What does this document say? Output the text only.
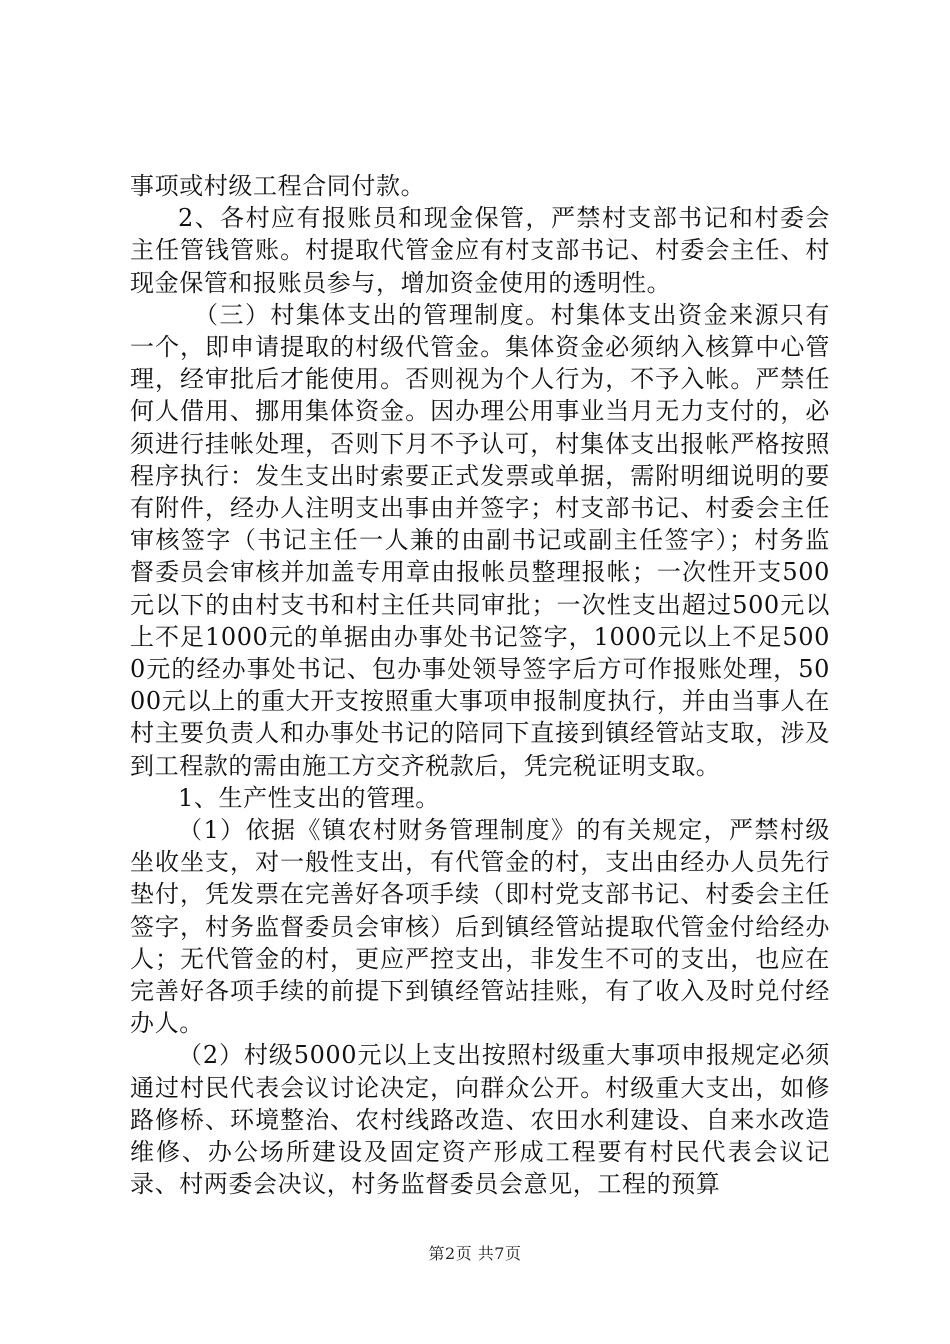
事项或村级工程合同付款。

2、各村应有报账员和现金保管，严禁村支部书记和村委会主任管钱管账。村提取代管金应有村支部书记、村委会主任、村现金保管和报账员参与，增加资金使用的透明性。

（三）村集体支出的管理制度。村集体支出资金来源只有一个，即申请提取的村级代管金。集体资金必须纳入核算中心管理，经审批后才能使用。否则视为个人行为，不予入帐。严禁任何人借用、挪用集体资金。因办理公用事业当月无力支付的，必须进行挂帐处理，否则下月不予认可，村集体支出报帐严格按照程序执行：发生支出时索要正式发票或单据，需附明细说明的要有附件，经办人注明支出事由并签字；村支部书记、村委会主任审核签字（书记主任一人兼的由副书记或副主任签字）；村务监督委员会审核并加盖专用章由报帐员整理报帐；一次性开支500元以下的由村支书和村主任共同审批；一次性支出超过500元以上不足1000元的单据由办事处书记签字，1000元以上不足5000元的经办事处书记、包办事处领导签字后方可作报账处理，5000元以上的重大开支按照重大事项申报制度执行，并由当事人在村主要负责人和办事处书记的陪同下直接到镇经管站支取，涉及到工程款的需由施工方交齐税款后，凭完税证明支取。

1、生产性支出的管理。

（1）依据《镇农村财务管理制度》的有关规定，严禁村级坐收坐支，对一般性支出，有代管金的村，支出由经办人员先行垫付，凭发票在完善好各项手续（即村党支部书记、村委会主任签字，村务监督委员会审核）后到镇经管站提取代管金付给经办人；无代管金的村，更应严控支出，非发生不可的支出，也应在完善好各项手续的前提下到镇经管站挂账，有了收入及时兑付经办人。

（2）村级5000元以上支出按照村级重大事项申报规定必须通过村民代表会议讨论决定，向群众公开。村级重大支出，如修路修桥、环境整治、农村线路改造、农田水利建设、自来水改造维修、办公场所建设及固定资产形成工程要有村民代表会议记录、村两委会决议，村务监督委员会意见，工程的预算

第2页 共7页
